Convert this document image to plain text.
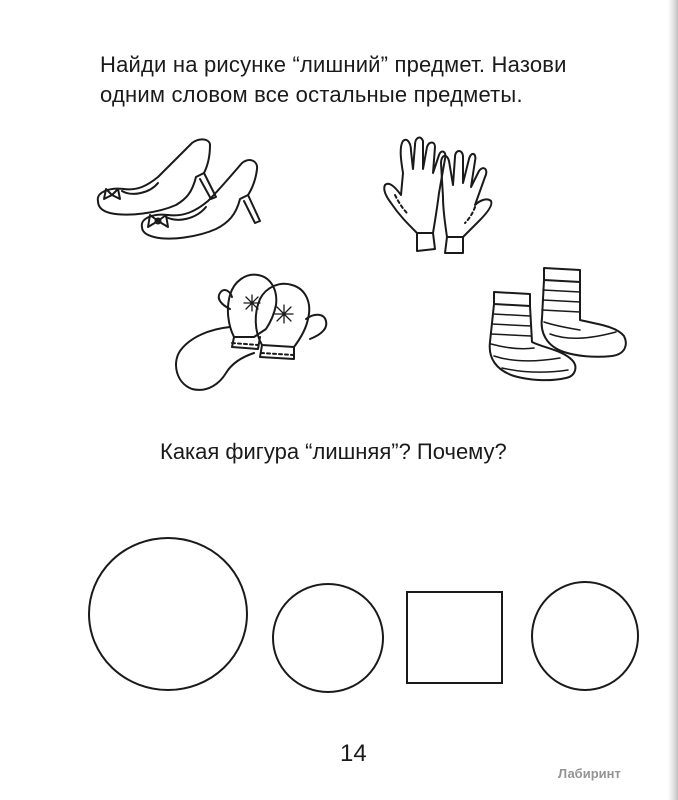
Найди на рисунке “лишний” предмет. Назови
одним словом все остальные предметы.
Какая фигура “лишняя”? Почему?
14
Лабиринт
